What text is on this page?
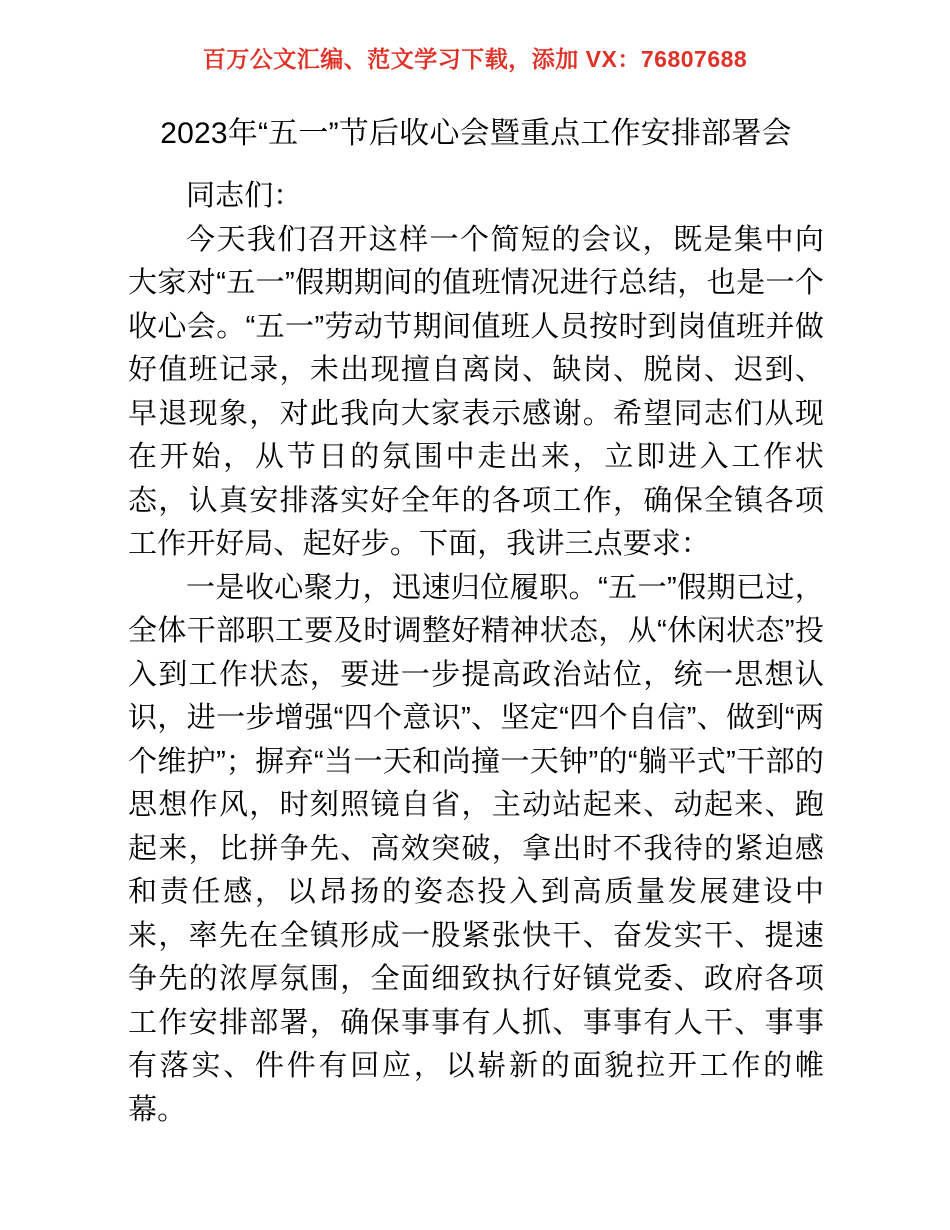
百万公文汇编、范文学习下载，添加 VX：76807688
2023年“五一”节后收心会暨重点工作安排部署会

同志们：

今天我们召开这样一个简短的会议，既是集中向大家对“五一”假期期间的值班情况进行总结，也是一个收心会。“五一”劳动节期间值班人员按时到岗值班并做好值班记录，未出现擅自离岗、缺岗、脱岗、迟到、早退现象，对此我向大家表示感谢。希望同志们从现在开始，从节日的氛围中走出来，立即进入工作状态，认真安排落实好全年的各项工作，确保全镇各项工作开好局、起好步。下面，我讲三点要求：

一是收心聚力，迅速归位履职。“五一”假期已过，全体干部职工要及时调整好精神状态，从“休闲状态”投入到工作状态，要进一步提高政治站位，统一思想认识，进一步增强“四个意识”、坚定“四个自信”、做到“两个维护”；摒弃“当一天和尚撞一天钟”的“躺平式”干部的思想作风，时刻照镜自省，主动站起来、动起来、跑起来，比拼争先、高效突破，拿出时不我待的紧迫感和责任感，以昂扬的姿态投入到高质量发展建设中来，率先在全镇形成一股紧张快干、奋发实干、提速争先的浓厚氛围，全面细致执行好镇党委、政府各项工作安排部署，确保事事有人抓、事事有人干、事事有落实、件件有回应，以崭新的面貌拉开工作的帷幕。
